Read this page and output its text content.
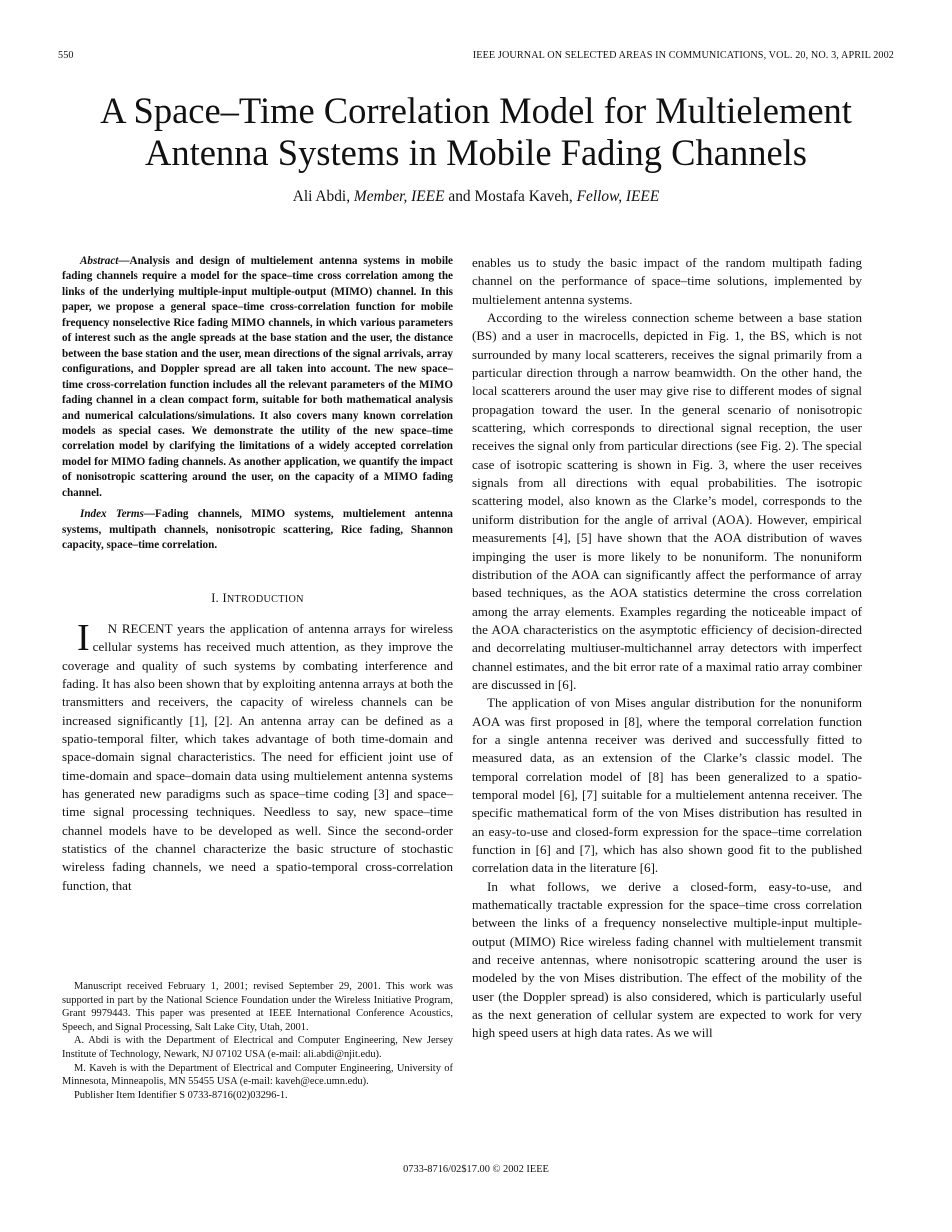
550	IEEE JOURNAL ON SELECTED AREAS IN COMMUNICATIONS, VOL. 20, NO. 3, APRIL 2002
A Space–Time Correlation Model for Multielement
Antenna Systems in Mobile Fading Channels
Ali Abdi, Member, IEEE and Mostafa Kaveh, Fellow, IEEE

Abstract—Analysis and design of multielement antenna systems in mobile fading channels require a model for the space–time cross correlation among the links of the underlying multiple-input multiple-output (MIMO) channel. In this paper, we propose a general space–time cross-correlation function for mobile frequency nonselective Rice fading MIMO channels, in which various parameters of interest such as the angle spreads at the base station and the user, the distance between the base station and the user, mean directions of the signal arrivals, array configurations, and Doppler spread are all taken into account. The new space–time cross-correlation function includes all the relevant parameters of the MIMO fading channel in a clean compact form, suitable for both mathematical analysis and numerical calculations/simulations. It also covers many known correlation models as special cases. We demonstrate the utility of the new space–time correlation model by clarifying the limitations of a widely accepted correlation model for MIMO fading channels. As another application, we quantify the impact of nonisotropic scattering around the user, on the capacity of a MIMO fading channel.

Index Terms—Fading channels, MIMO systems, multielement antenna systems, multipath channels, nonisotropic scattering, Rice fading, Shannon capacity, space–time correlation.

I. INTRODUCTION

I N RECENT years the application of antenna arrays for wireless cellular systems has received much attention, as they improve the coverage and quality of such systems by combating interference and fading. It has also been shown that by exploiting antenna arrays at both the transmitters and receivers, the capacity of wireless channels can be increased significantly [1], [2]. An antenna array can be defined as a spatio-temporal filter, which takes advantage of both time-domain and space-domain signal characteristics. The need for efficient joint use of time-domain and space–domain data using multielement antenna systems has generated new paradigms such as space–time coding [3] and space–time signal processing techniques. Needless to say, new space–time channel models have to be developed as well. Since the second-order statistics of the channel characterize the basic structure of stochastic wireless fading channels, we need a spatio-temporal cross-correlation function, that

Manuscript received February 1, 2001; revised September 29, 2001. This work was supported in part by the National Science Foundation under the Wireless Initiative Program, Grant 9979443. This paper was presented at IEEE International Conference Acoustics, Speech, and Signal Processing, Salt Lake City, Utah, 2001.

A. Abdi is with the Department of Electrical and Computer Engineering, New Jersey Institute of Technology, Newark, NJ 07102 USA (e-mail: ali.abdi@njit.edu).

M. Kaveh is with the Department of Electrical and Computer Engineering, University of Minnesota, Minneapolis, MN 55455 USA (e-mail: kaveh@ece.umn.edu).

Publisher Item Identifier S 0733-8716(02)03296-1.

enables us to study the basic impact of the random multipath fading channel on the performance of space–time solutions, implemented by multielement antenna systems.

According to the wireless connection scheme between a base station (BS) and a user in macrocells, depicted in Fig. 1, the BS, which is not surrounded by many local scatterers, receives the signal primarily from a particular direction through a narrow beamwidth. On the other hand, the local scatterers around the user may give rise to different modes of signal propagation toward the user. In the general scenario of nonisotropic scattering, which corresponds to directional signal reception, the user receives the signal only from particular directions (see Fig. 2). The special case of isotropic scattering is shown in Fig. 3, where the user receives signals from all directions with equal probabilities. The isotropic scattering model, also known as the Clarke’s model, corresponds to the uniform distribution for the angle of arrival (AOA). However, empirical measurements [4], [5] have shown that the AOA distribution of waves impinging the user is more likely to be nonuniform. The nonuniform distribution of the AOA can significantly affect the performance of array based techniques, as the AOA statistics determine the cross correlation among the array elements. Examples regarding the noticeable impact of the AOA characteristics on the asymptotic efficiency of decision-directed and decorrelating multiuser-multichannel array detectors with imperfect channel estimates, and the bit error rate of a maximal ratio array combiner are discussed in [6].

The application of von Mises angular distribution for the nonuniform AOA was first proposed in [8], where the temporal correlation function for a single antenna receiver was derived and successfully fitted to measured data, as an extension of the Clarke’s classic model. The temporal correlation model of [8] has been generalized to a spatio-temporal model [6], [7] suitable for a multielement antenna receiver. The specific mathematical form of the von Mises distribution has resulted in an easy-to-use and closed-form expression for the space–time correlation function in [6] and [7], which has also shown good fit to the published correlation data in the literature [6].

In what follows, we derive a closed-form, easy-to-use, and mathematically tractable expression for the space–time cross correlation between the links of a frequency nonselective multiple-input multiple-output (MIMO) Rice wireless fading channel with multielement transmit and receive antennas, where nonisotropic scattering around the user is modeled by the von Mises distribution. The effect of the mobility of the user (the Doppler spread) is also considered, which is particularly useful as the next generation of cellular system are expected to work for very high speed users at high data rates. As we will

0733-8716/02$17.00 © 2002 IEEE
